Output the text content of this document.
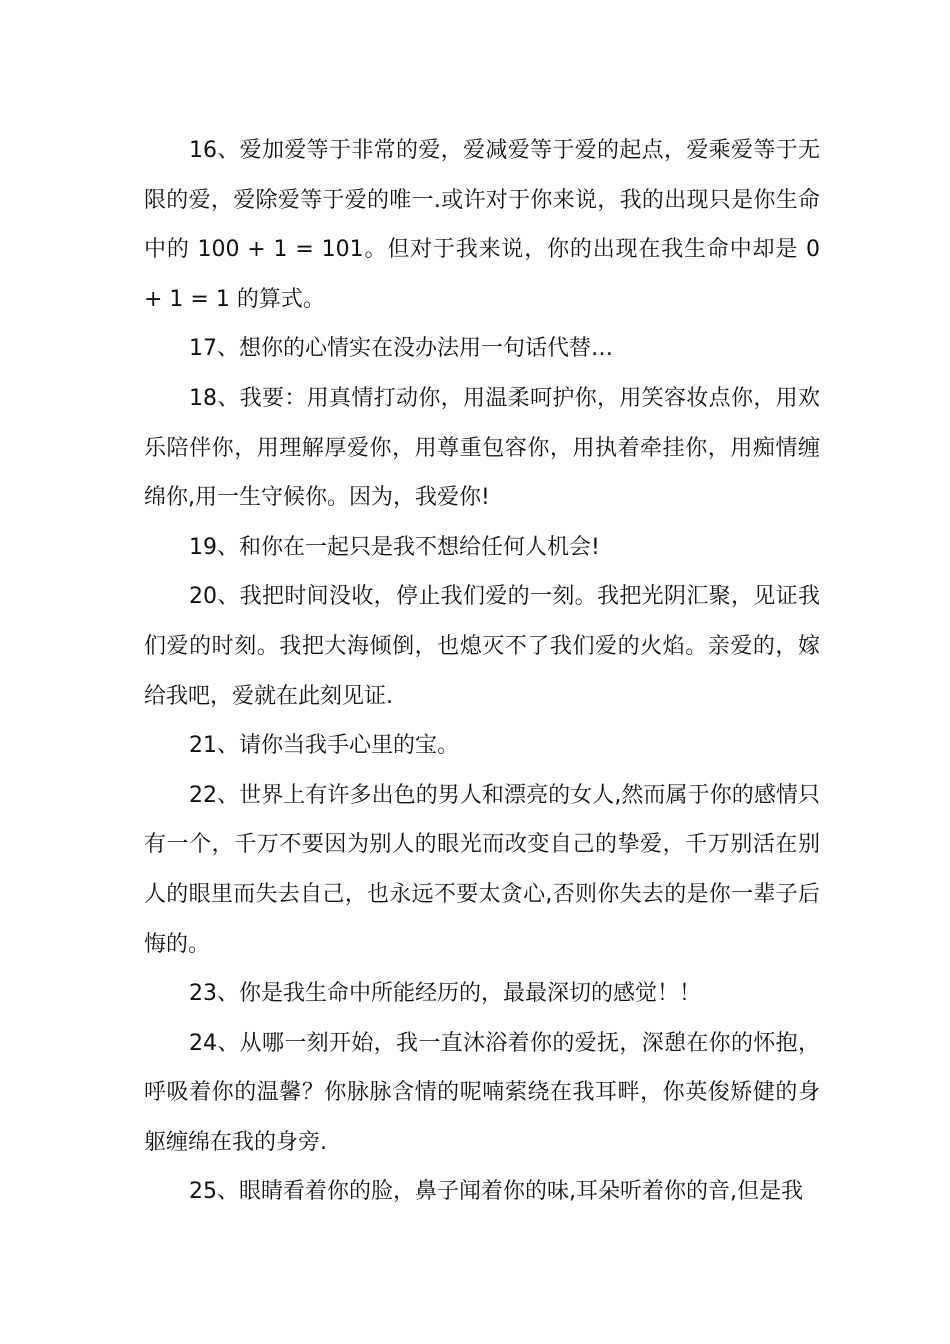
16、爱加爱等于非常的爱，爱减爱等于爱的起点，爱乘爱等于无限的爱，爱除爱等于爱的唯一.或许对于你来说，我的出现只是你生命中的 100 + 1 = 101。但对于我来说，你的出现在我生命中却是 0 + 1 = 1 的算式。

17、想你的心情实在没办法用一句话代替…

18、我要：用真情打动你，用温柔呵护你，用笑容妆点你，用欢乐陪伴你，用理解厚爱你，用尊重包容你，用执着牵挂你，用痴情缠绵你,用一生守候你。因为，我爱你!

19、和你在一起只是我不想给任何人机会!

20、我把时间没收，停止我们爱的一刻。我把光阴汇聚，见证我们爱的时刻。我把大海倾倒，也熄灭不了我们爱的火焰。亲爱的，嫁给我吧，爱就在此刻见证.

21、请你当我手心里的宝。

22、世界上有许多出色的男人和漂亮的女人,然而属于你的感情只有一个，千万不要因为别人的眼光而改变自己的挚爱，千万别活在别人的眼里而失去自己，也永远不要太贪心,否则你失去的是你一辈子后悔的。

23、你是我生命中所能经历的，最最深切的感觉！！

24、从哪一刻开始，我一直沐浴着你的爱抚，深憩在你的怀抱，呼吸着你的温馨？你脉脉含情的呢喃萦绕在我耳畔，你英俊矫健的身躯缠绵在我的身旁.

25、眼睛看着你的脸，鼻子闻着你的味,耳朵听着你的音,但是我
